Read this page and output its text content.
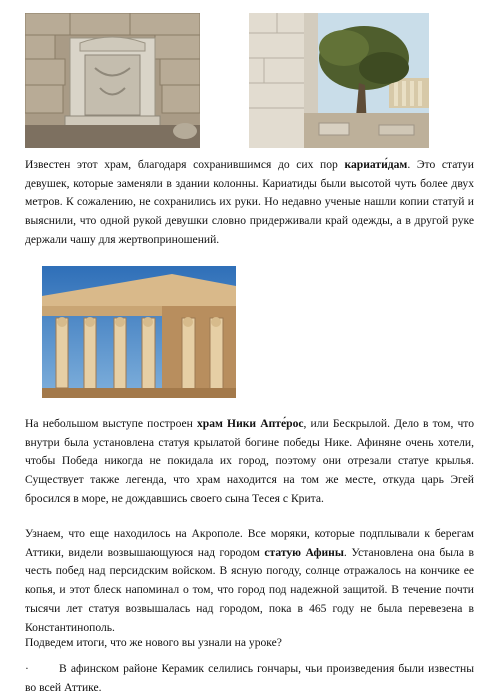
Известен этот храм, благодаря сохранившимся до сих пор кариати́дам. Это статуи девушек, которые заменяли в здании колонны. Кариатиды были высотой чуть более двух метров. К сожалению, не сохранились их руки. Но недавно ученые нашли копии статуй и выяснили, что одной рукой девушки словно придерживали край одежды, а в другой руке держали чашу для жертвоприношений.

На небольшом выступе построен храм Ники Апте́рос, или Бескрылой. Дело в том, что внутри была установлена статуя крылатой богине победы Нике. Афиняне очень хотели, чтобы Победа никогда не покидала их город, поэтому они отрезали статуе крылья. Существует также легенда, что храм находится на том же месте, откуда царь Эгей бросился в море, не дождавшись своего сына Тесея с Крита.

Узнаем, что еще находилось на Акрополе. Все моряки, которые подплывали к берегам Аттики, видели возвышающуюся над городом статую Афины. Установлена она была в честь побед над персидским войском. В ясную погоду, солнце отражалось на кончике ее копья, и этот блеск напоминал о том, что город под надежной защитой. В течение почти тысячи лет статуя возвышалась над городом, пока в 465 году не была перевезена в Константинополь.

Подведем итоги, что же нового вы узнали на уроке?

·	В афинском районе Керамик селились гончары, чьи произведения были известны во всей Аттике.
